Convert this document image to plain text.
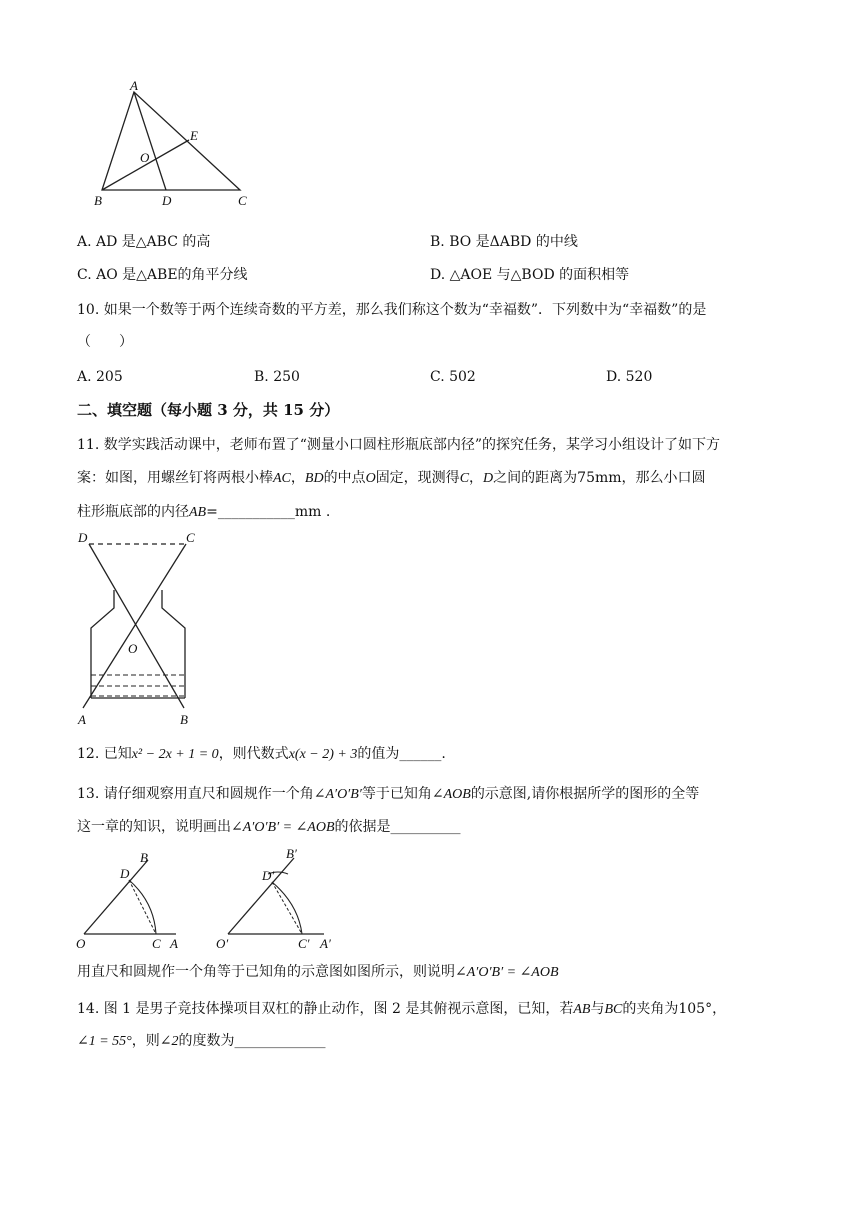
A
B	C
D
E
O
A. AD 是△ABC 的高	B. BO 是ΔABD 的中线
C. AO 是△ABE的角平分线	D. △AOE 与△BOD 的面积相等
10. 如果一个数等于两个连续奇数的平方差，那么我们称这个数为“幸福数”．下列数中为“幸福数”的是
（　　）
A. 205	B. 250	C. 502	D. 520
二、填空题（每小题 3 分，共 15 分）
11. 数学实践活动课中，老师布置了“测量小口圆柱形瓶底部内径”的探究任务，某学习小组设计了如下方
案：如图，用螺丝钉将两根小棒AC，BD的中点O固定，现测得C，D之间的距离为75mm，那么小口圆
柱形瓶底部的内径AB=___________mm .
D	C
O
A	B
12. 已知x² − 2x + 1 = 0，则代数式x(x − 2) + 3的值为______.
13. 请仔细观察用直尺和圆规作一个角∠A′O′B′等于已知角∠AOB的示意图,请你根据所学的图形的全等
这一章的知识，说明画出∠A′O′B′ = ∠AOB的依据是__________
O	A
B
C
D
O′	A′
B′
C′
D′
用直尺和圆规作一个角等于已知角的示意图如图所示，则说明∠A′O′B′ = ∠AOB
14. 图 1 是男子竞技体操项目双杠的静止动作，图 2 是其俯视示意图，已知，若AB与BC的夹角为105°，
∠1 = 55°，则∠2的度数为_____________
